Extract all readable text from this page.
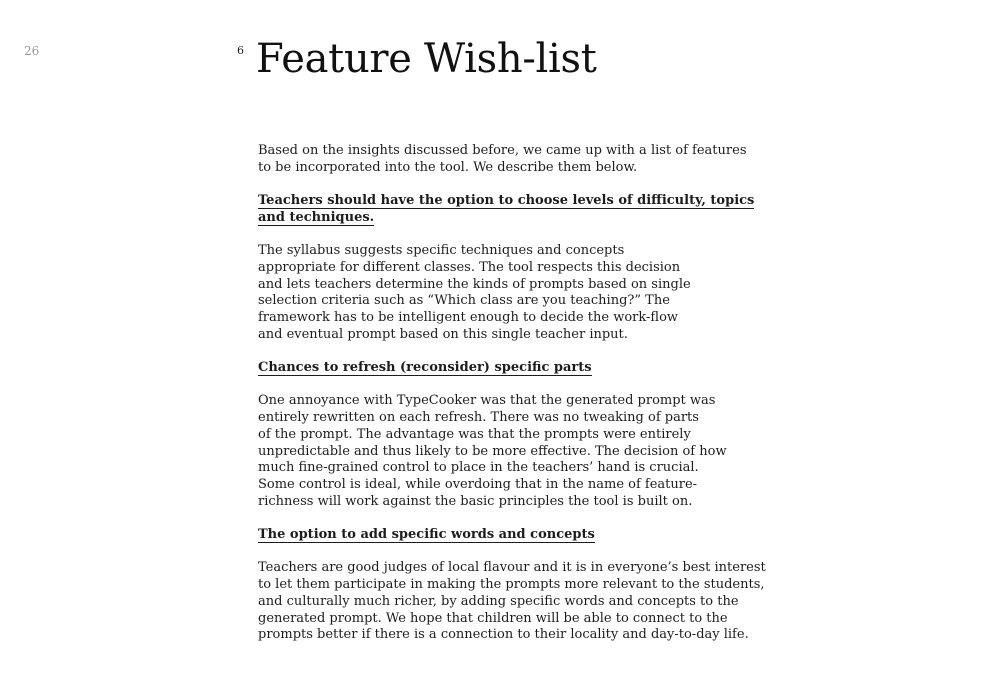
26	6 Feature Wish-list
Based on the insights discussed before, we came up with a list of features
to be incorporated into the tool. We describe them below.
Teachers should have the option to choose levels of difficulty, topics
and techniques.
The syllabus suggests specific techniques and concepts
appropriate for different classes. The tool respects this decision
and lets teachers determine the kinds of prompts based on single
selection criteria such as “Which class are you teaching?” The
framework has to be intelligent enough to decide the work-flow
and eventual prompt based on this single teacher input.
Chances to refresh (reconsider) specific parts
One annoyance with TypeCooker was that the generated prompt was
entirely rewritten on each refresh. There was no tweaking of parts
of the prompt. The advantage was that the prompts were entirely
unpredictable and thus likely to be more effective. The decision of how
much fine-grained control to place in the teachers’ hand is crucial.
Some control is ideal, while overdoing that in the name of feature-
richness will work against the basic principles the tool is built on.
The option to add specific words and concepts
Teachers are good judges of local flavour and it is in everyone’s best interest
to let them participate in making the prompts more relevant to the students,
and culturally much richer, by adding specific words and concepts to the
generated prompt. We hope that children will be able to connect to the
prompts better if there is a connection to their locality and day-to-day life.
